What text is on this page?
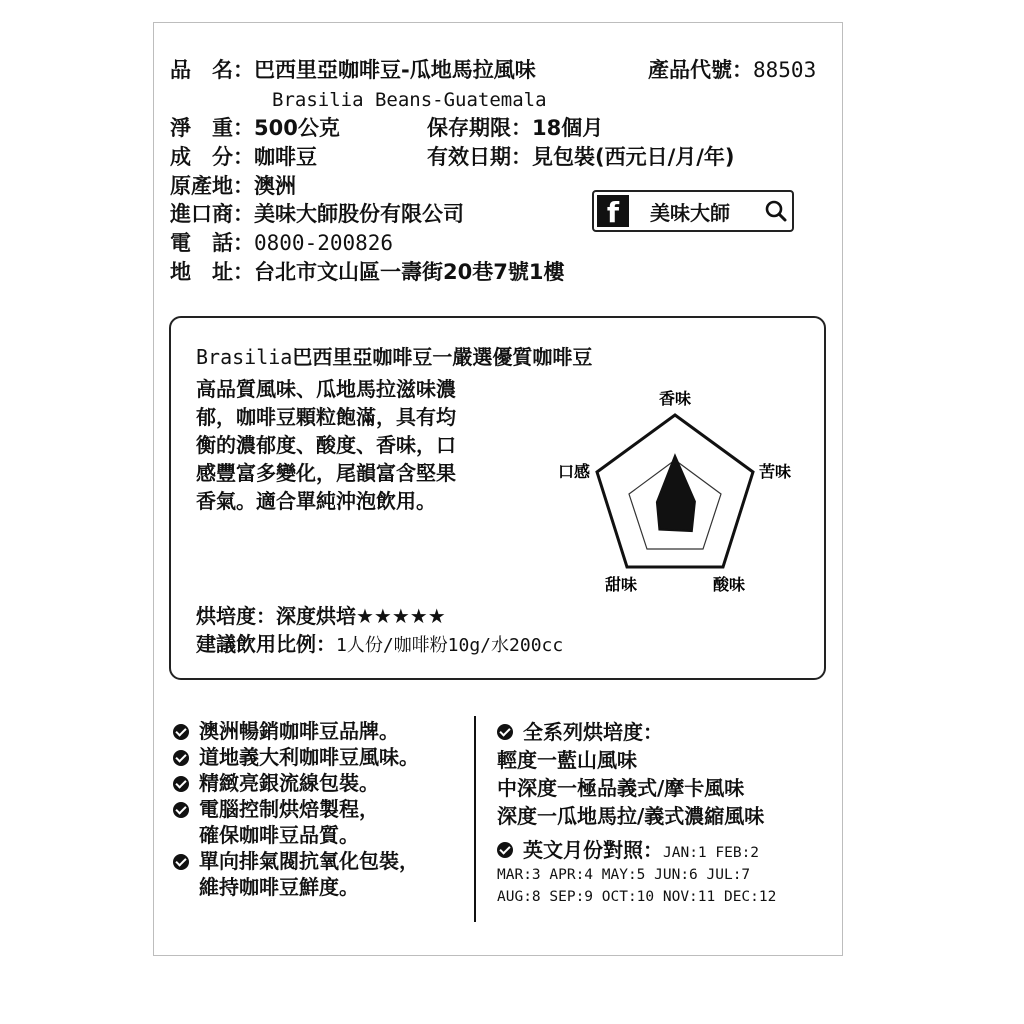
品　名：巴西里亞咖啡豆-瓜地馬拉風味	產品代號：88503
Brasilia Beans-Guatemala
淨　重：500公克	保存期限：18個月
成　分：咖啡豆	有效日期：見包裝(西元日/月/年)
原產地：澳洲
進口商：美味大師股份有限公司
電　話：0800-200826
地　址：台北市文山區一壽街20巷7號1樓
f	美味大師
Brasilia巴西里亞咖啡豆一嚴選優質咖啡豆
高品質風味、瓜地馬拉滋味濃
郁，咖啡豆顆粒飽滿，具有均
衡的濃郁度、酸度、香味，口
感豐富多變化，尾韻富含堅果
香氣。適合單純沖泡飲用。
香味
苦味
酸味
甜味
口感
烘培度：深度烘培★★★★★
建議飲用比例：1人份/咖啡粉10g/水200cc
澳洲暢銷咖啡豆品牌。
道地義大利咖啡豆風味。
精緻亮銀流線包裝。
電腦控制烘焙製程，
確保咖啡豆品質。
單向排氣閥抗氧化包裝，
維持咖啡豆鮮度。
全系列烘培度：
輕度一藍山風味
中深度一極品義式/摩卡風味
深度一瓜地馬拉/義式濃縮風味
英文月份對照：JAN:1 FEB:2
MAR:3 APR:4 MAY:5 JUN:6 JUL:7
AUG:8 SEP:9 OCT:10 NOV:11 DEC:12
